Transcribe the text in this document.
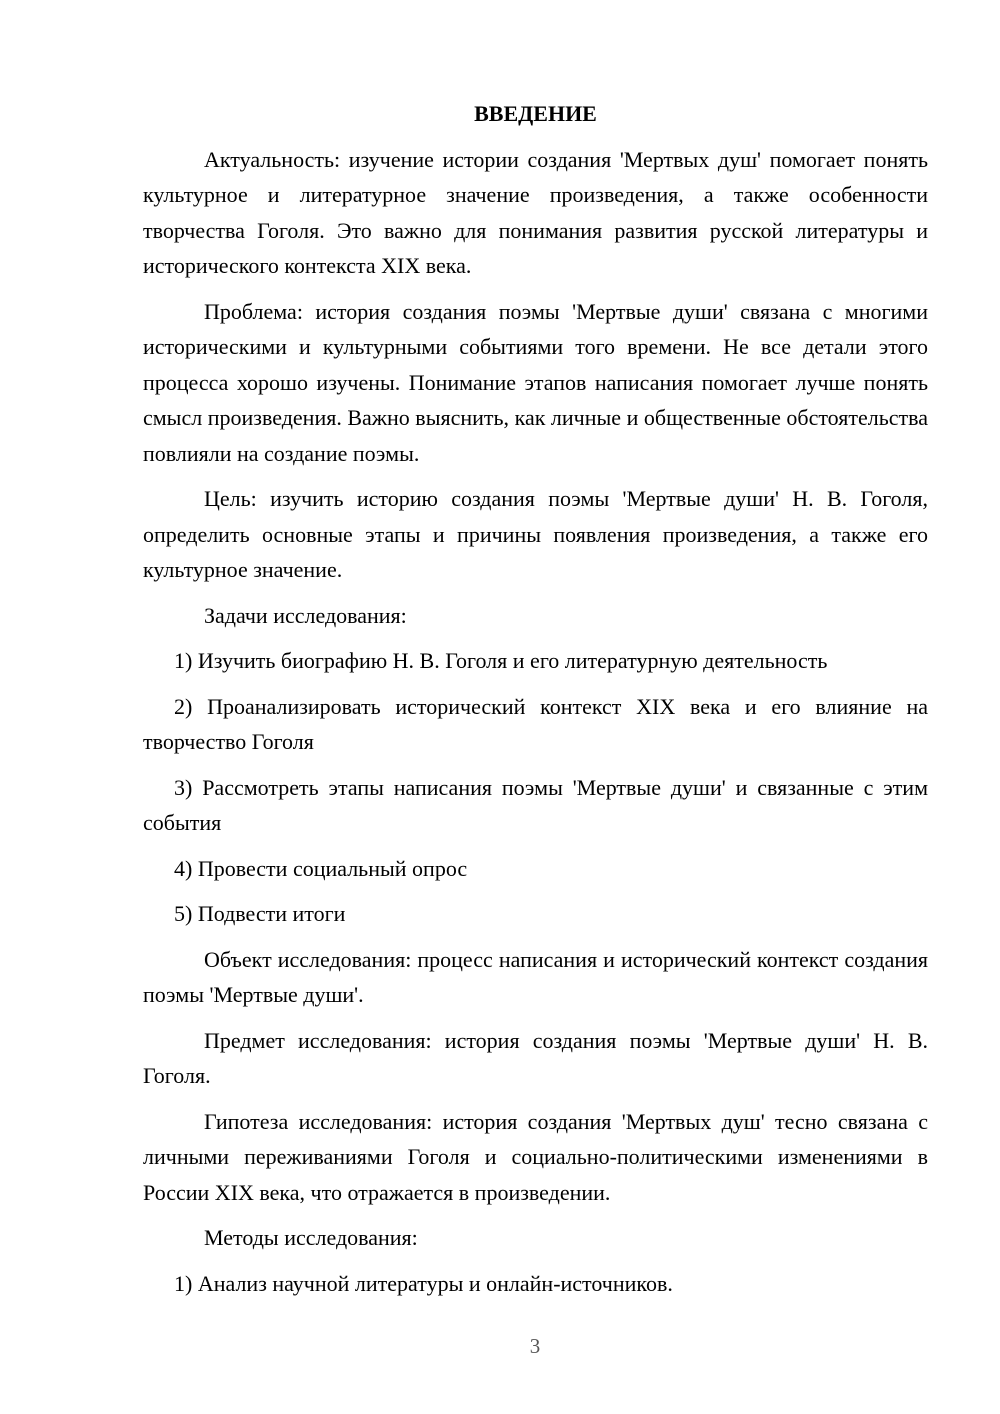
ВВЕДЕНИЕ

Актуальность: изучение истории создания 'Мертвых душ' помогает понять культурное и литературное значение произведения, а также особенности творчества Гоголя. Это важно для понимания развития русской литературы и исторического контекста XIX века.

Проблема: история создания поэмы 'Мертвые души' связана с многими историческими и культурными событиями того времени. Не все детали этого процесса хорошо изучены. Понимание этапов написания помогает лучше понять смысл произведения. Важно выяснить, как личные и общественные обстоятельства повлияли на создание поэмы.

Цель: изучить историю создания поэмы 'Мертвые души' Н. В. Гоголя, определить основные этапы и причины появления произведения, а также его культурное значение.

Задачи исследования:

1) Изучить биографию Н. В. Гоголя и его литературную деятельность

2) Проанализировать исторический контекст XIX века и его влияние на творчество Гоголя

3) Рассмотреть этапы написания поэмы 'Мертвые души' и связанные с этим события

4) Провести социальный опрос

5) Подвести итоги

Объект исследования: процесс написания и исторический контекст создания поэмы 'Мертвые души'.

Предмет исследования: история создания поэмы 'Мертвые души' Н. В. Гоголя.

Гипотеза исследования: история создания 'Мертвых душ' тесно связана с личными переживаниями Гоголя и социально-политическими изменениями в России XIX века, что отражается в произведении.

Методы исследования:

1) Анализ научной литературы и онлайн-источников.

3
